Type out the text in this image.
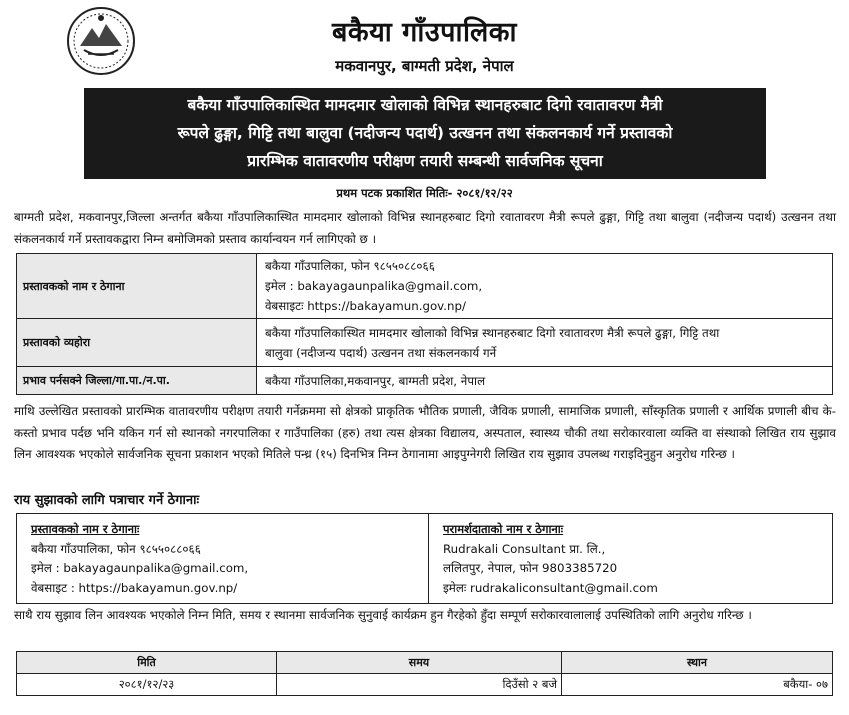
बकैया गाँउपालिका
मकवानपुर, बाग्मती प्रदेश, नेपाल
बकैया गाँउपालिकास्थित मामदमार खोलाको विभिन्न स्थानहरुबाट दिगो रवातावरण मैत्री
रूपले ढुङ्गा, गिट्टि तथा बालुवा (नदीजन्य पदार्थ) उत्खनन तथा संकलनकार्य गर्ने प्रस्तावको
प्रारम्भिक वातावरणीय परीक्षण तयारी सम्बन्धी सार्वजनिक सूचना
प्रथम पटक प्रकाशित मितिः- २०८१/१२/२२
बाग्मती प्रदेश, मकवानपुर,जिल्ला अन्तर्गत बकैया गाँउपालिकास्थित मामदमार खोलाको विभिन्न स्थानहरुबाट दिगो रवातावरण मैत्री रूपले ढुङ्गा, गिट्टि तथा बालुवा (नदीजन्य पदार्थ) उत्खनन तथा संकलनकार्य गर्ने प्रस्तावकद्वारा निम्न बमोजिमको प्रस्ताव कार्यान्वयन गर्न लागिएको छ ।
प्रस्तावकको नाम र ठेगाना	बकैया गाँउपालिका, फोन ९८५५०८८०६६
इमेल : bakayagaunpalika@gmail.com,
वेबसाइटः https://bakayamun.gov.np/

प्रस्तावको व्यहोरा	बकैया गाँउपालिकास्थित मामदमार खोलाको विभिन्न स्थानहरुबाट दिगो रवातावरण मैत्री रूपले ढुङ्गा, गिट्टि तथा
बालुवा (नदीजन्य पदार्थ) उत्खनन तथा संकलनकार्य गर्ने

प्रभाव पर्नसक्ने जिल्ला/गा.पा./न.पा.	बकैया गाँउपालिका,मकवानपुर, बाग्मती प्रदेश, नेपाल
माथि उल्लेखित प्रस्तावको प्रारम्भिक वातावरणीय परीक्षण तयारी गर्नेक्रममा सो क्षेत्रको प्राकृतिक भौतिक प्रणाली, जैविक प्रणाली, सामाजिक प्रणाली, साँस्कृतिक प्रणाली र आर्थिक प्रणाली बीच के-कस्तो प्रभाव पर्दछ भनि यकिन गर्न सो स्थानको नगरपालिका र गाउँपालिका (हरु) तथा त्यस क्षेत्रका विद्यालय, अस्पताल, स्वास्थ्य चौकी तथा सरोकारवाला व्यक्ति वा संस्थाको लिखित राय सुझाव लिन आवश्यक भएकोले सार्वजनिक सूचना प्रकाशन भएको मितिले पन्ध्र (१५) दिनभित्र निम्न ठेगानामा आइपुग्नेगरी लिखित राय सुझाव उपलब्ध गराइदिनुहुन अनुरोध गरिन्छ ।
राय सुझावको लागि पत्राचार गर्ने ठेगानाः
प्रस्तावकको नाम र ठेगानाः
बकैया गाँउपालिका, फोन ९८५५०८८०६६
इमेल : bakayagaunpalika@gmail.com,
वेबसाइट : https://bakayamun.gov.np/

परामर्शदाताको नाम र ठेगानाः
Rudrakali Consultant प्रा. लि.,
ललितपुर, नेपाल, फोन 9803385720
इमेलः rudrakaliconsultant@gmail.com
साथै राय सुझाव लिन आवश्यक भएकोले निम्न मिति, समय र स्थानमा सार्वजनिक सुनुवाई कार्यक्रम हुन गैरहेको हुँदा सम्पूर्ण सरोकारवालालाई उपस्थितिको लागि अनुरोध गरिन्छ ।
मिति	समय	स्थान
२०८१/१२/२३	दिउँसो २ बजे	बकैया- ०७
